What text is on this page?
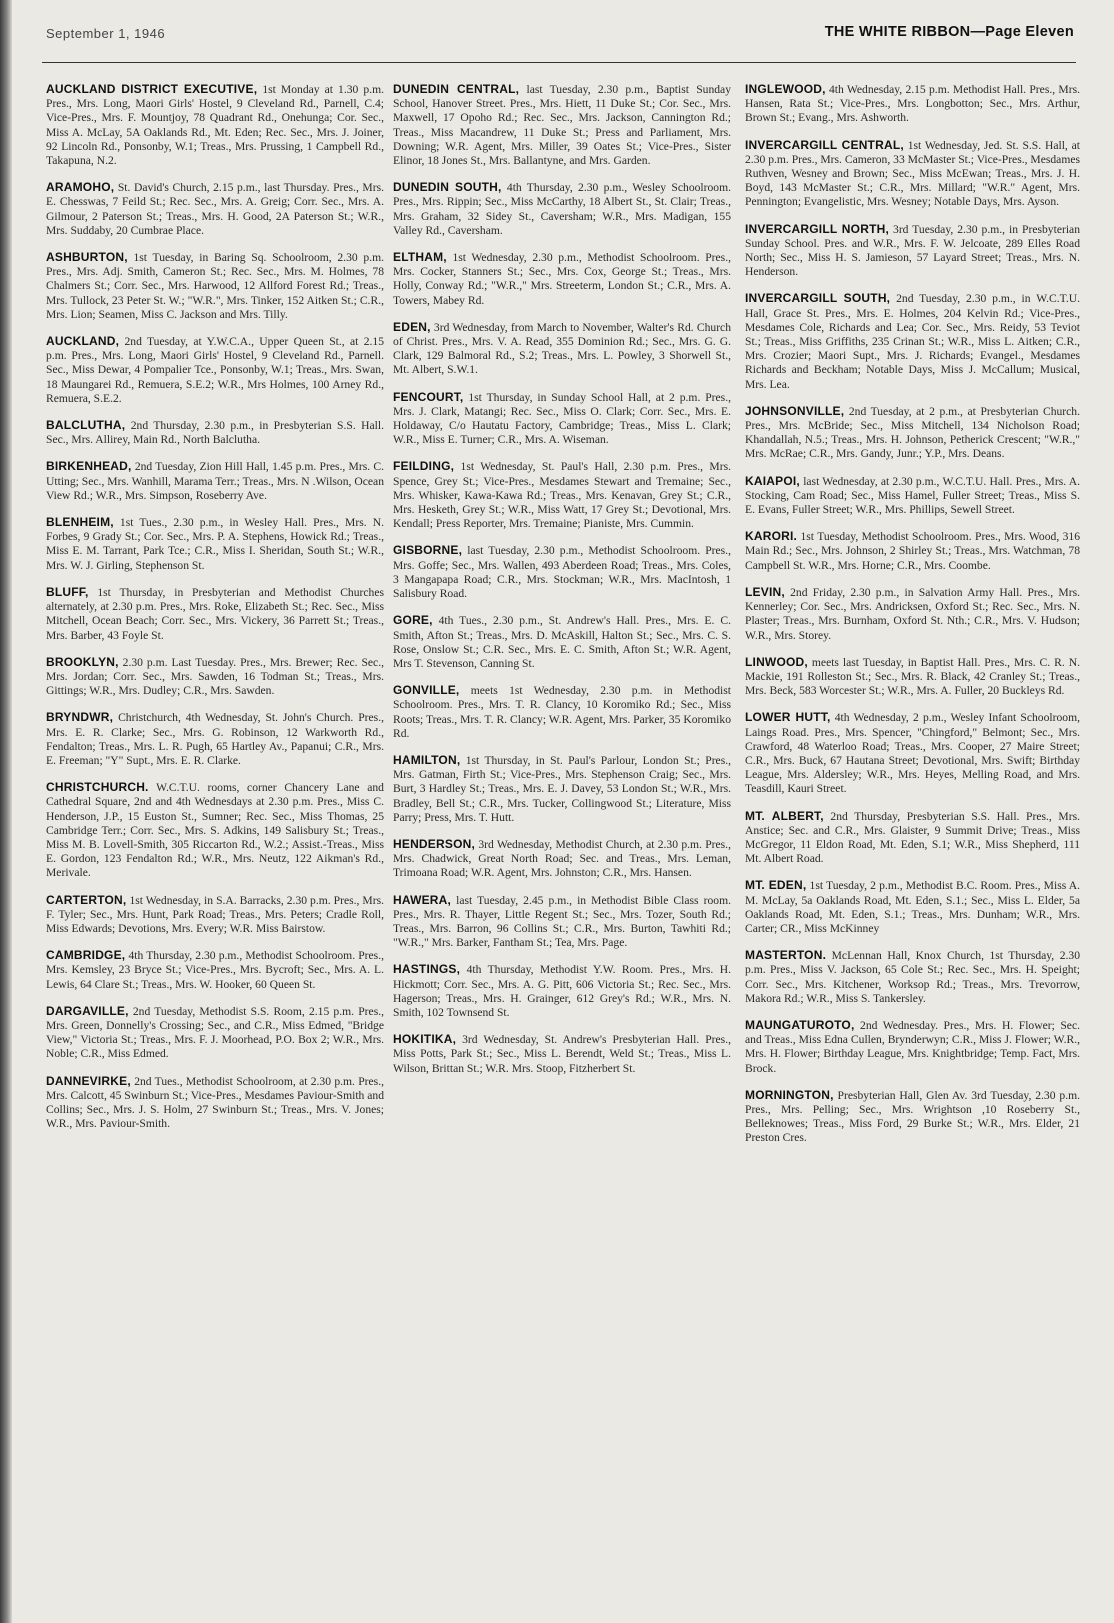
September 1, 1946	THE WHITE RIBBON—Page Eleven

AUCKLAND DISTRICT EXECUTIVE, 1st Monday at 1.30 p.m. Pres., Mrs. Long, Maori Girls' Hostel, 9 Cleveland Rd., Parnell, C.4; Vice-Pres., Mrs. F. Mountjoy, 78 Quadrant Rd., Onehunga; Cor. Sec., Miss A. McLay, 5A Oaklands Rd., Mt. Eden; Rec. Sec., Mrs. J. Joiner, 92 Lincoln Rd., Ponsonby, W.1; Treas., Mrs. Prussing, 1 Campbell Rd., Takapuna, N.2.

ARAMOHO, St. David's Church, 2.15 p.m., last Thursday. Pres., Mrs. E. Chesswas, 7 Feild St.; Rec. Sec., Mrs. A. Greig; Corr. Sec., Mrs. A. Gilmour, 2 Paterson St.; Treas., Mrs. H. Good, 2A Paterson St.; W.R., Mrs. Suddaby, 20 Cumbrae Place.

ASHBURTON, 1st Tuesday, in Baring Sq. Schoolroom, 2.30 p.m. Pres., Mrs. Adj. Smith, Cameron St.; Rec. Sec., Mrs. M. Holmes, 78 Chalmers St.; Corr. Sec., Mrs. Harwood, 12 Allford Forest Rd.; Treas., Mrs. Tullock, 23 Peter St. W.; "W.R.", Mrs. Tinker, 152 Aitken St.; C.R., Mrs. Lion; Seamen, Miss C. Jackson and Mrs. Tilly.

AUCKLAND, 2nd Tuesday, at Y.W.C.A., Upper Queen St., at 2.15 p.m. Pres., Mrs. Long, Maori Girls' Hostel, 9 Cleveland Rd., Parnell. Sec., Miss Dewar, 4 Pompalier Tce., Ponsonby, W.1; Treas., Mrs. Swan, 18 Maungarei Rd., Remuera, S.E.2; W.R., Mrs Holmes, 100 Arney Rd., Remuera, S.E.2.

BALCLUTHA, 2nd Thursday, 2.30 p.m., in Presbyterian S.S. Hall. Sec., Mrs. Allirey, Main Rd., North Balclutha.

BIRKENHEAD, 2nd Tuesday, Zion Hill Hall, 1.45 p.m. Pres., Mrs. C. Utting; Sec., Mrs. Wanhill, Marama Terr.; Treas., Mrs. N .Wilson, Ocean View Rd.; W.R., Mrs. Simpson, Roseberry Ave.

BLENHEIM, 1st Tues., 2.30 p.m., in Wesley Hall. Pres., Mrs. N. Forbes, 9 Grady St.; Cor. Sec., Mrs. P. A. Stephens, Howick Rd.; Treas., Miss E. M. Tarrant, Park Tce.; C.R., Miss I. Sheridan, South St.; W.R., Mrs. W. J. Girling, Stephenson St.

BLUFF, 1st Thursday, in Presbyterian and Methodist Churches alternately, at 2.30 p.m. Pres., Mrs. Roke, Elizabeth St.; Rec. Sec., Miss Mitchell, Ocean Beach; Corr. Sec., Mrs. Vickery, 36 Parrett St.; Treas., Mrs. Barber, 43 Foyle St.

BROOKLYN, 2.30 p.m. Last Tuesday. Pres., Mrs. Brewer; Rec. Sec., Mrs. Jordan; Corr. Sec., Mrs. Sawden, 16 Todman St.; Treas., Mrs. Gittings; W.R., Mrs. Dudley; C.R., Mrs. Sawden.

BRYNDWR, Christchurch, 4th Wednesday, St. John's Church. Pres., Mrs. E. R. Clarke; Sec., Mrs. G. Robinson, 12 Warkworth Rd., Fendalton; Treas., Mrs. L. R. Pugh, 65 Hartley Av., Papanui; C.R., Mrs. E. Freeman; "Y" Supt., Mrs. E. R. Clarke.

CHRISTCHURCH. W.C.T.U. rooms, corner Chancery Lane and Cathedral Square, 2nd and 4th Wednesdays at 2.30 p.m. Pres., Miss C. Henderson, J.P., 15 Euston St., Sumner; Rec. Sec., Miss Thomas, 25 Cambridge Terr.; Corr. Sec., Mrs. S. Adkins, 149 Salisbury St.; Treas., Miss M. B. Lovell-Smith, 305 Riccarton Rd., W.2.; Assist.-Treas., Miss E. Gordon, 123 Fendalton Rd.; W.R., Mrs. Neutz, 122 Aikman's Rd., Merivale.

CARTERTON, 1st Wednesday, in S.A. Barracks, 2.30 p.m. Pres., Mrs. F. Tyler; Sec., Mrs. Hunt, Park Road; Treas., Mrs. Peters; Cradle Roll, Miss Edwards; Devotions, Mrs. Every; W.R. Miss Bairstow.

CAMBRIDGE, 4th Thursday, 2.30 p.m., Methodist Schoolroom. Pres., Mrs. Kemsley, 23 Bryce St.; Vice-Pres., Mrs. Bycroft; Sec., Mrs. A. L. Lewis, 64 Clare St.; Treas., Mrs. W. Hooker, 60 Queen St.

DARGAVILLE, 2nd Tuesday, Methodist S.S. Room, 2.15 p.m. Pres., Mrs. Green, Donnelly's Crossing; Sec., and C.R., Miss Edmed, "Bridge View," Victoria St.; Treas., Mrs. F. J. Moorhead, P.O. Box 2; W.R., Mrs. Noble; C.R., Miss Edmed.

DANNEVIRKE, 2nd Tues., Methodist Schoolroom, at 2.30 p.m. Pres., Mrs. Calcott, 45 Swinburn St.; Vice-Pres., Mesdames Paviour-Smith and Collins; Sec., Mrs. J. S. Holm, 27 Swinburn St.; Treas., Mrs. V. Jones; W.R., Mrs. Paviour-Smith.

DUNEDIN CENTRAL, last Tuesday, 2.30 p.m., Baptist Sunday School, Hanover Street. Pres., Mrs. Hiett, 11 Duke St.; Cor. Sec., Mrs. Maxwell, 17 Opoho Rd.; Rec. Sec., Mrs. Jackson, Cannington Rd.; Treas., Miss Macandrew, 11 Duke St.; Press and Parliament, Mrs. Downing; W.R. Agent, Mrs. Miller, 39 Oates St.; Vice-Pres., Sister Elinor, 18 Jones St., Mrs. Ballantyne, and Mrs. Garden.

DUNEDIN SOUTH, 4th Thursday, 2.30 p.m., Wesley Schoolroom. Pres., Mrs. Rippin; Sec., Miss McCarthy, 18 Albert St., St. Clair; Treas., Mrs. Graham, 32 Sidey St., Caversham; W.R., Mrs. Madigan, 155 Valley Rd., Caversham.

ELTHAM, 1st Wednesday, 2.30 p.m., Methodist Schoolroom. Pres., Mrs. Cocker, Stanners St.; Sec., Mrs. Cox, George St.; Treas., Mrs. Holly, Conway Rd.; "W.R.," Mrs. Streeterm, London St.; C.R., Mrs. A. Towers, Mabey Rd.

EDEN, 3rd Wednesday, from March to November, Walter's Rd. Church of Christ. Pres., Mrs. V. A. Read, 355 Dominion Rd.; Sec., Mrs. G. G. Clark, 129 Balmoral Rd., S.2; Treas., Mrs. L. Powley, 3 Shorwell St., Mt. Albert, S.W.1.

FENCOURT, 1st Thursday, in Sunday School Hall, at 2 p.m. Pres., Mrs. J. Clark, Matangi; Rec. Sec., Miss O. Clark; Corr. Sec., Mrs. E. Holdaway, C/o Hautatu Factory, Cambridge; Treas., Miss L. Clark; W.R., Miss E. Turner; C.R., Mrs. A. Wiseman.

FEILDING, 1st Wednesday, St. Paul's Hall, 2.30 p.m. Pres., Mrs. Spence, Grey St.; Vice-Pres., Mesdames Stewart and Tremaine; Sec., Mrs. Whisker, Kawa-Kawa Rd.; Treas., Mrs. Kenavan, Grey St.; C.R., Mrs. Hesketh, Grey St.; W.R., Miss Watt, 17 Grey St.; Devotional, Mrs. Kendall; Press Reporter, Mrs. Tremaine; Pianiste, Mrs. Cummin.

GISBORNE, last Tuesday, 2.30 p.m., Methodist Schoolroom. Pres., Mrs. Goffe; Sec., Mrs. Wallen, 493 Aberdeen Road; Treas., Mrs. Coles, 3 Mangapapa Road; C.R., Mrs. Stockman; W.R., Mrs. MacIntosh, 1 Salisbury Road.

GORE, 4th Tues., 2.30 p.m., St. Andrew's Hall. Pres., Mrs. E. C. Smith, Afton St.; Treas., Mrs. D. McAskill, Halton St.; Sec., Mrs. C. S. Rose, Onslow St.; C.R. Sec., Mrs. E. C. Smith, Afton St.; W.R. Agent, Mrs T. Stevenson, Canning St.

GONVILLE, meets 1st Wednesday, 2.30 p.m. in Methodist Schoolroom. Pres., Mrs. T. R. Clancy, 10 Koromiko Rd.; Sec., Miss Roots; Treas., Mrs. T. R. Clancy; W.R. Agent, Mrs. Parker, 35 Koromiko Rd.

HAMILTON, 1st Thursday, in St. Paul's Parlour, London St.; Pres., Mrs. Gatman, Firth St.; Vice-Pres., Mrs. Stephenson Craig; Sec., Mrs. Burt, 3 Hardley St.; Treas., Mrs. E. J. Davey, 53 London St.; W.R., Mrs. Bradley, Bell St.; C.R., Mrs. Tucker, Collingwood St.; Literature, Miss Parry; Press, Mrs. T. Hutt.

HENDERSON, 3rd Wednesday, Methodist Church, at 2.30 p.m. Pres., Mrs. Chadwick, Great North Road; Sec. and Treas., Mrs. Leman, Trimoana Road; W.R. Agent, Mrs. Johnston; C.R., Mrs. Hansen.

HAWERA, last Tuesday, 2.45 p.m., in Methodist Bible Class room. Pres., Mrs. R. Thayer, Little Regent St.; Sec., Mrs. Tozer, South Rd.; Treas., Mrs. Barron, 96 Collins St.; C.R., Mrs. Burton, Tawhiti Rd.; "W.R.," Mrs. Barker, Fantham St.; Tea, Mrs. Page.

HASTINGS, 4th Thursday, Methodist Y.W. Room. Pres., Mrs. H. Hickmott; Corr. Sec., Mrs. A. G. Pitt, 606 Victoria St.; Rec. Sec., Mrs. Hagerson; Treas., Mrs. H. Grainger, 612 Grey's Rd.; W.R., Mrs. N. Smith, 102 Townsend St.

HOKITIKA, 3rd Wednesday, St. Andrew's Presbyterian Hall. Pres., Miss Potts, Park St.; Sec., Miss L. Berendt, Weld St.; Treas., Miss L. Wilson, Brittan St.; W.R. Mrs. Stoop, Fitzherbert St.

INGLEWOOD, 4th Wednesday, 2.15 p.m. Methodist Hall. Pres., Mrs. Hansen, Rata St.; Vice-Pres., Mrs. Longbotton; Sec., Mrs. Arthur, Brown St.; Evang., Mrs. Ashworth.

INVERCARGILL CENTRAL, 1st Wednesday, Jed. St. S.S. Hall, at 2.30 p.m. Pres., Mrs. Cameron, 33 McMaster St.; Vice-Pres., Mesdames Ruthven, Wesney and Brown; Sec., Miss McEwan; Treas., Mrs. J. H. Boyd, 143 McMaster St.; C.R., Mrs. Millard; "W.R." Agent, Mrs. Pennington; Evangelistic, Mrs. Wesney; Notable Days, Mrs. Ayson.

INVERCARGILL NORTH, 3rd Tuesday, 2.30 p.m., in Presbyterian Sunday School. Pres. and W.R., Mrs. F. W. Jelcoate, 289 Elles Road North; Sec., Miss H. S. Jamieson, 57 Layard Street; Treas., Mrs. N. Henderson.

INVERCARGILL SOUTH, 2nd Tuesday, 2.30 p.m., in W.C.T.U. Hall, Grace St. Pres., Mrs. E. Holmes, 204 Kelvin Rd.; Vice-Pres., Mesdames Cole, Richards and Lea; Cor. Sec., Mrs. Reidy, 53 Teviot St.; Treas., Miss Griffiths, 235 Crinan St.; W.R., Miss L. Aitken; C.R., Mrs. Crozier; Maori Supt., Mrs. J. Richards; Evangel., Mesdames Richards and Beckham; Notable Days, Miss J. McCallum; Musical, Mrs. Lea.

JOHNSONVILLE, 2nd Tuesday, at 2 p.m., at Presbyterian Church. Pres., Mrs. McBride; Sec., Miss Mitchell, 134 Nicholson Road; Khandallah, N.5.; Treas., Mrs. H. Johnson, Petherick Crescent; "W.R.," Mrs. McRae; C.R., Mrs. Gandy, Junr.; Y.P., Mrs. Deans.

KAIAPOI, last Wednesday, at 2.30 p.m., W.C.T.U. Hall. Pres., Mrs. A. Stocking, Cam Road; Sec., Miss Hamel, Fuller Street; Treas., Miss S. E. Evans, Fuller Street; W.R., Mrs. Phillips, Sewell Street.

KARORI. 1st Tuesday, Methodist Schoolroom. Pres., Mrs. Wood, 316 Main Rd.; Sec., Mrs. Johnson, 2 Shirley St.; Treas., Mrs. Watchman, 78 Campbell St. W.R., Mrs. Horne; C.R., Mrs. Coombe.

LEVIN, 2nd Friday, 2.30 p.m., in Salvation Army Hall. Pres., Mrs. Kennerley; Cor. Sec., Mrs. Andricksen, Oxford St.; Rec. Sec., Mrs. N. Plaster; Treas., Mrs. Burnham, Oxford St. Nth.; C.R., Mrs. V. Hudson; W.R., Mrs. Storey.

LINWOOD, meets last Tuesday, in Baptist Hall. Pres., Mrs. C. R. N. Mackie, 191 Rolleston St.; Sec., Mrs. R. Black, 42 Cranley St.; Treas., Mrs. Beck, 583 Worcester St.; W.R., Mrs. A. Fuller, 20 Buckleys Rd.

LOWER HUTT, 4th Wednesday, 2 p.m., Wesley Infant Schoolroom, Laings Road. Pres., Mrs. Spencer, "Chingford," Belmont; Sec., Mrs. Crawford, 48 Waterloo Road; Treas., Mrs. Cooper, 27 Maire Street; C.R., Mrs. Buck, 67 Hautana Street; Devotional, Mrs. Swift; Birthday League, Mrs. Aldersley; W.R., Mrs. Heyes, Melling Road, and Mrs. Teasdill, Kauri Street.

MT. ALBERT, 2nd Thursday, Presbyterian S.S. Hall. Pres., Mrs. Anstice; Sec. and C.R., Mrs. Glaister, 9 Summit Drive; Treas., Miss McGregor, 11 Eldon Road, Mt. Eden, S.1; W.R., Miss Shepherd, 111 Mt. Albert Road.

MT. EDEN, 1st Tuesday, 2 p.m., Methodist B.C. Room. Pres., Miss A. M. McLay, 5a Oaklands Road, Mt. Eden, S.1.; Sec., Miss L. Elder, 5a Oaklands Road, Mt. Eden, S.1.; Treas., Mrs. Dunham; W.R., Mrs. Carter; CR., Miss McKinney

MASTERTON. McLennan Hall, Knox Church, 1st Thursday, 2.30 p.m. Pres., Miss V. Jackson, 65 Cole St.; Rec. Sec., Mrs. H. Speight; Corr. Sec., Mrs. Kitchener, Worksop Rd.; Treas., Mrs. Trevorrow, Makora Rd.; W.R., Miss S. Tankersley.

MAUNGATUROTO, 2nd Wednesday. Pres., Mrs. H. Flower; Sec. and Treas., Miss Edna Cullen, Brynderwyn; C.R., Miss J. Flower; W.R., Mrs. H. Flower; Birthday League, Mrs. Knightbridge; Temp. Fact, Mrs. Brock.

MORNINGTON, Presbyterian Hall, Glen Av. 3rd Tuesday, 2.30 p.m. Pres., Mrs. Pelling; Sec., Mrs. Wrightson ,10 Roseberry St., Belleknowes; Treas., Miss Ford, 29 Burke St.; W.R., Mrs. Elder, 21 Preston Cres.
